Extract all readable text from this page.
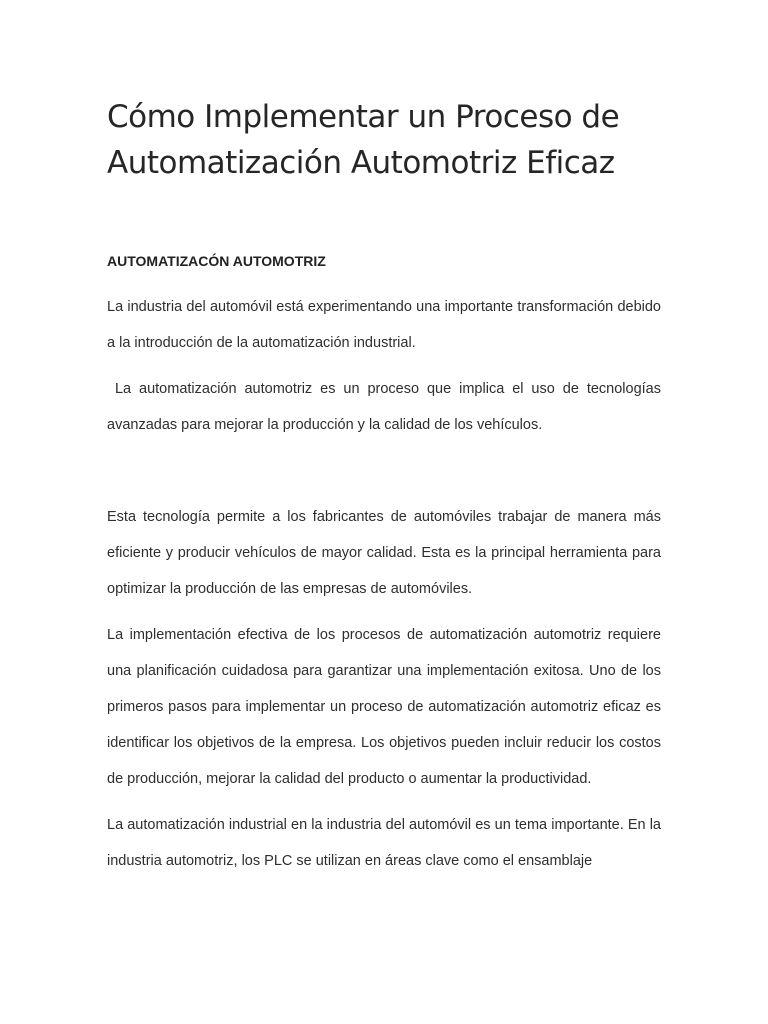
Cómo Implementar un Proceso de Automatización Automotriz Eficaz
AUTOMATIZACÓN AUTOMOTRIZ

La industria del automóvil está experimentando una importante transformación debido a la introducción de la automatización industrial.

La automatización automotriz es un proceso que implica el uso de tecnologías avanzadas para mejorar la producción y la calidad de los vehículos.

Esta tecnología permite a los fabricantes de automóviles trabajar de manera más eficiente y producir vehículos de mayor calidad. Esta es la principal herramienta para optimizar la producción de las empresas de automóviles.

La implementación efectiva de los procesos de automatización automotriz requiere una planificación cuidadosa para garantizar una implementación exitosa. Uno de los primeros pasos para implementar un proceso de automatización automotriz eficaz es identificar los objetivos de la empresa. Los objetivos pueden incluir reducir los costos de producción, mejorar la calidad del producto o aumentar la productividad.

La automatización industrial en la industria del automóvil es un tema importante. En la industria automotriz, los PLC se utilizan en áreas clave como el ensamblaje
